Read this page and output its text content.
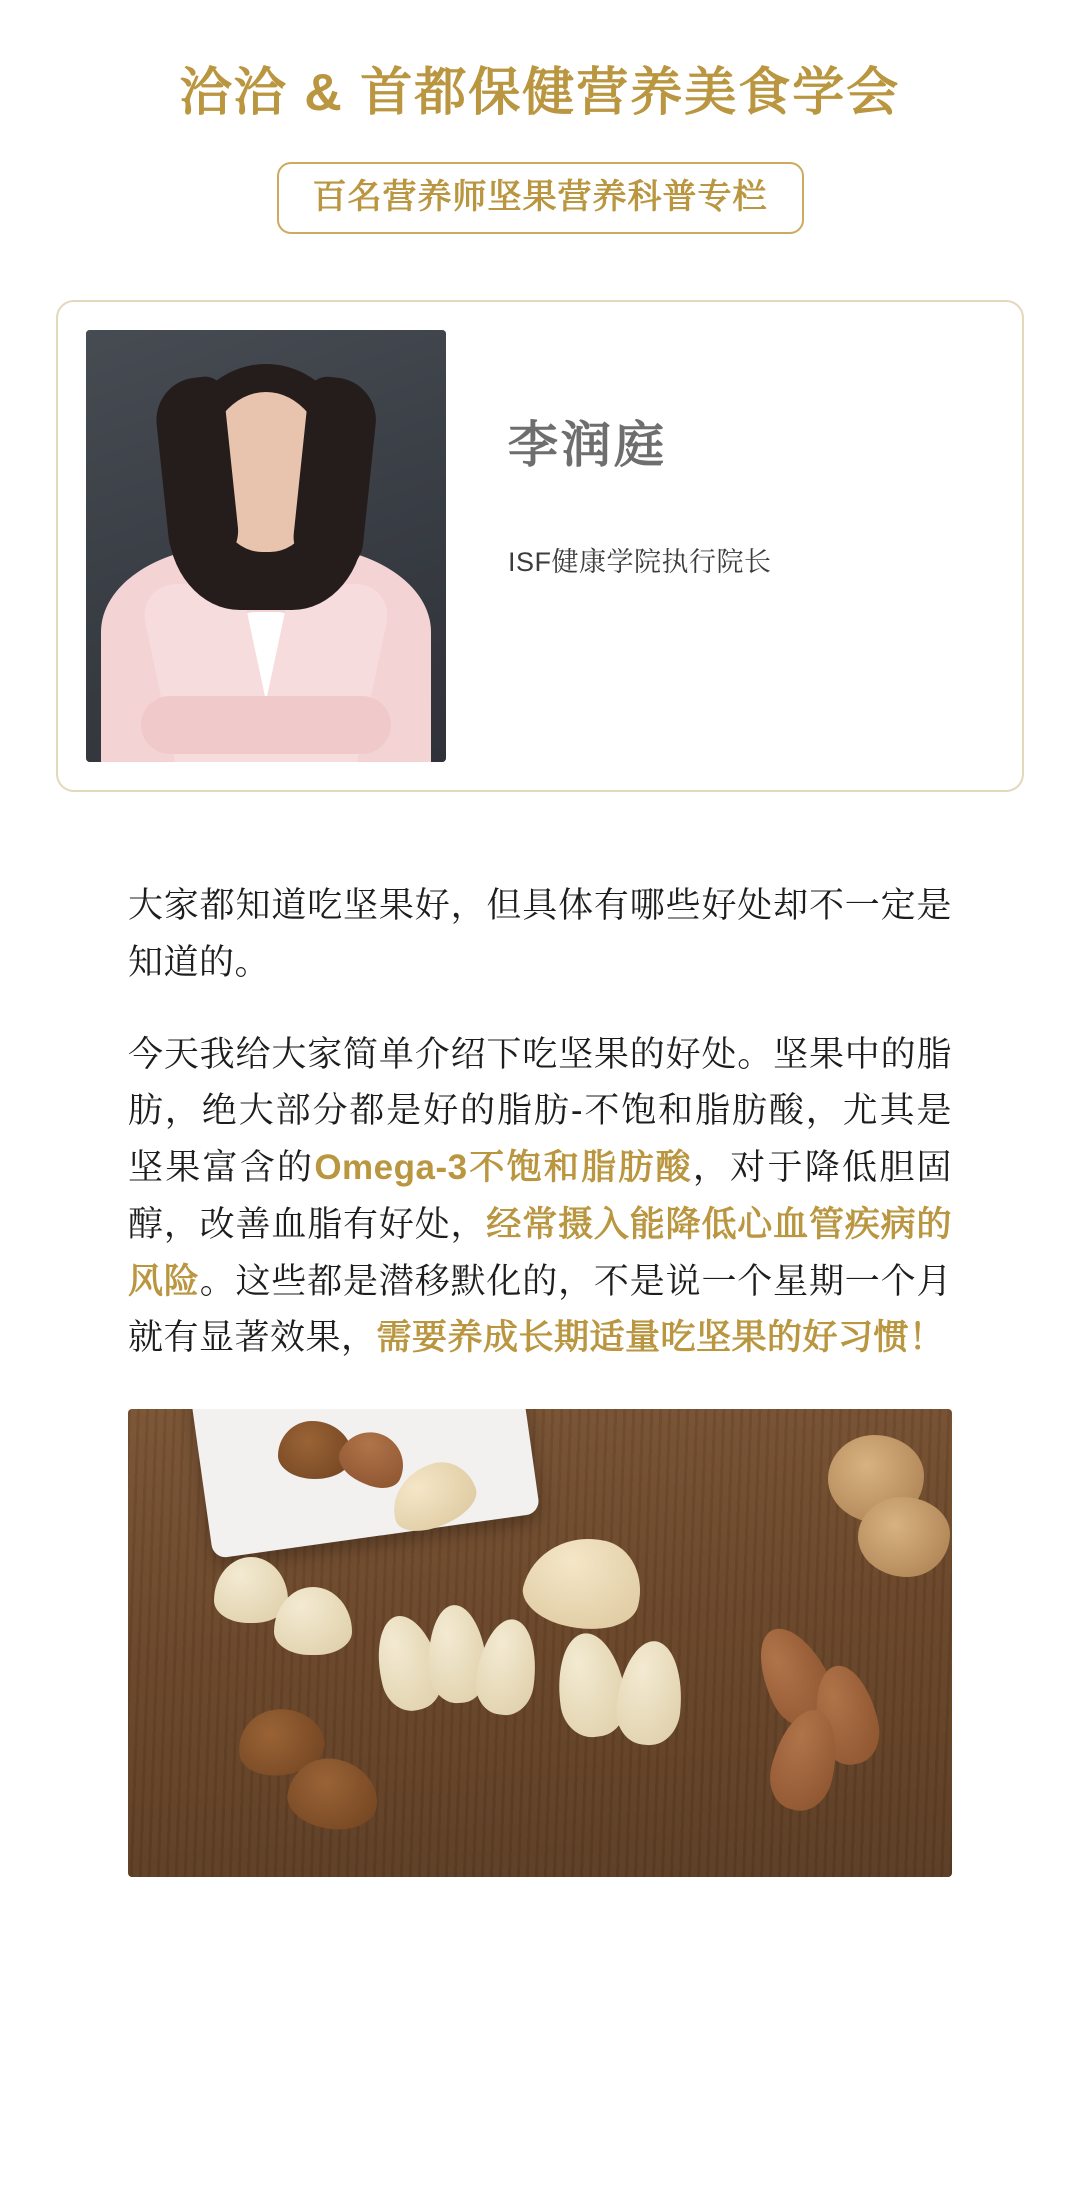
洽洽 & 首都保健营养美食学会
百名营养师坚果营养科普专栏
李润庭
ISF健康学院执行院长

大家都知道吃坚果好，但具体有哪些好处却不一定是知道的。

今天我给大家简单介绍下吃坚果的好处。坚果中的脂肪，绝大部分都是好的脂肪-不饱和脂肪酸，尤其是坚果富含的Omega-3不饱和脂肪酸，对于降低胆固醇，改善血脂有好处，经常摄入能降低心血管疾病的风险。这些都是潜移默化的，不是说一个星期一个月就有显著效果，需要养成长期适量吃坚果的好习惯！
